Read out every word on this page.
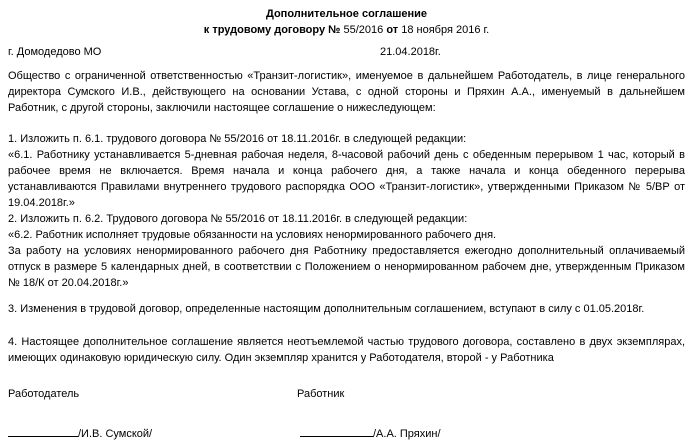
Дополнительное соглашение
к трудовому договору № 55/2016 от 18 ноября 2016 г.
г. Домодедово МО	21.04.2018г.
Общество с ограниченной ответственностью «Транзит-логистик», именуемое в дальнейшем Работодатель, в лице генерального директора Сумского И.В., действующего на основании Устава, с одной стороны и Пряхин А.А., именуемый в дальнейшем Работник, с другой стороны, заключили настоящее соглашение о нижеследующем:
1. Изложить п. 6.1. трудового договора № 55/2016 от 18.11.2016г. в следующей редакции:
«6.1. Работнику устанавливается 5-дневная рабочая неделя, 8-часовой рабочий день с обеденным перерывом 1 час, который в рабочее время не включается. Время начала и конца рабочего дня, а также начала и конца обеденного перерыва устанавливаются Правилами внутреннего трудового распорядка ООО «Транзит-логистик», утвержденными Приказом № 5/ВР от 19.04.2018г.»
2. Изложить п. 6.2. Трудового договора № 55/2016 от 18.11.2016г. в следующей редакции:
«6.2. Работник исполняет трудовые обязанности на условиях ненормированного рабочего дня.
За работу на условиях ненормированного рабочего дня Работнику предоставляется ежегодно дополнительный оплачиваемый отпуск в размере 5 календарных дней, в соответствии с Положением о ненормированном рабочем дне, утвержденным Приказом № 18/К от 20.04.2018г.»
3. Изменения в трудовой договор, определенные настоящим дополнительным соглашением, вступают в силу с 01.05.2018г.
4. Настоящее дополнительное соглашение является неотъемлемой частью трудового договора, составлено в двух экземплярах, имеющих одинаковую юридическую силу. Один экземпляр хранится у Работодателя, второй - у Работника
Работодатель	Работник
/И.В. Сумской/	/А.А. Пряхин/
